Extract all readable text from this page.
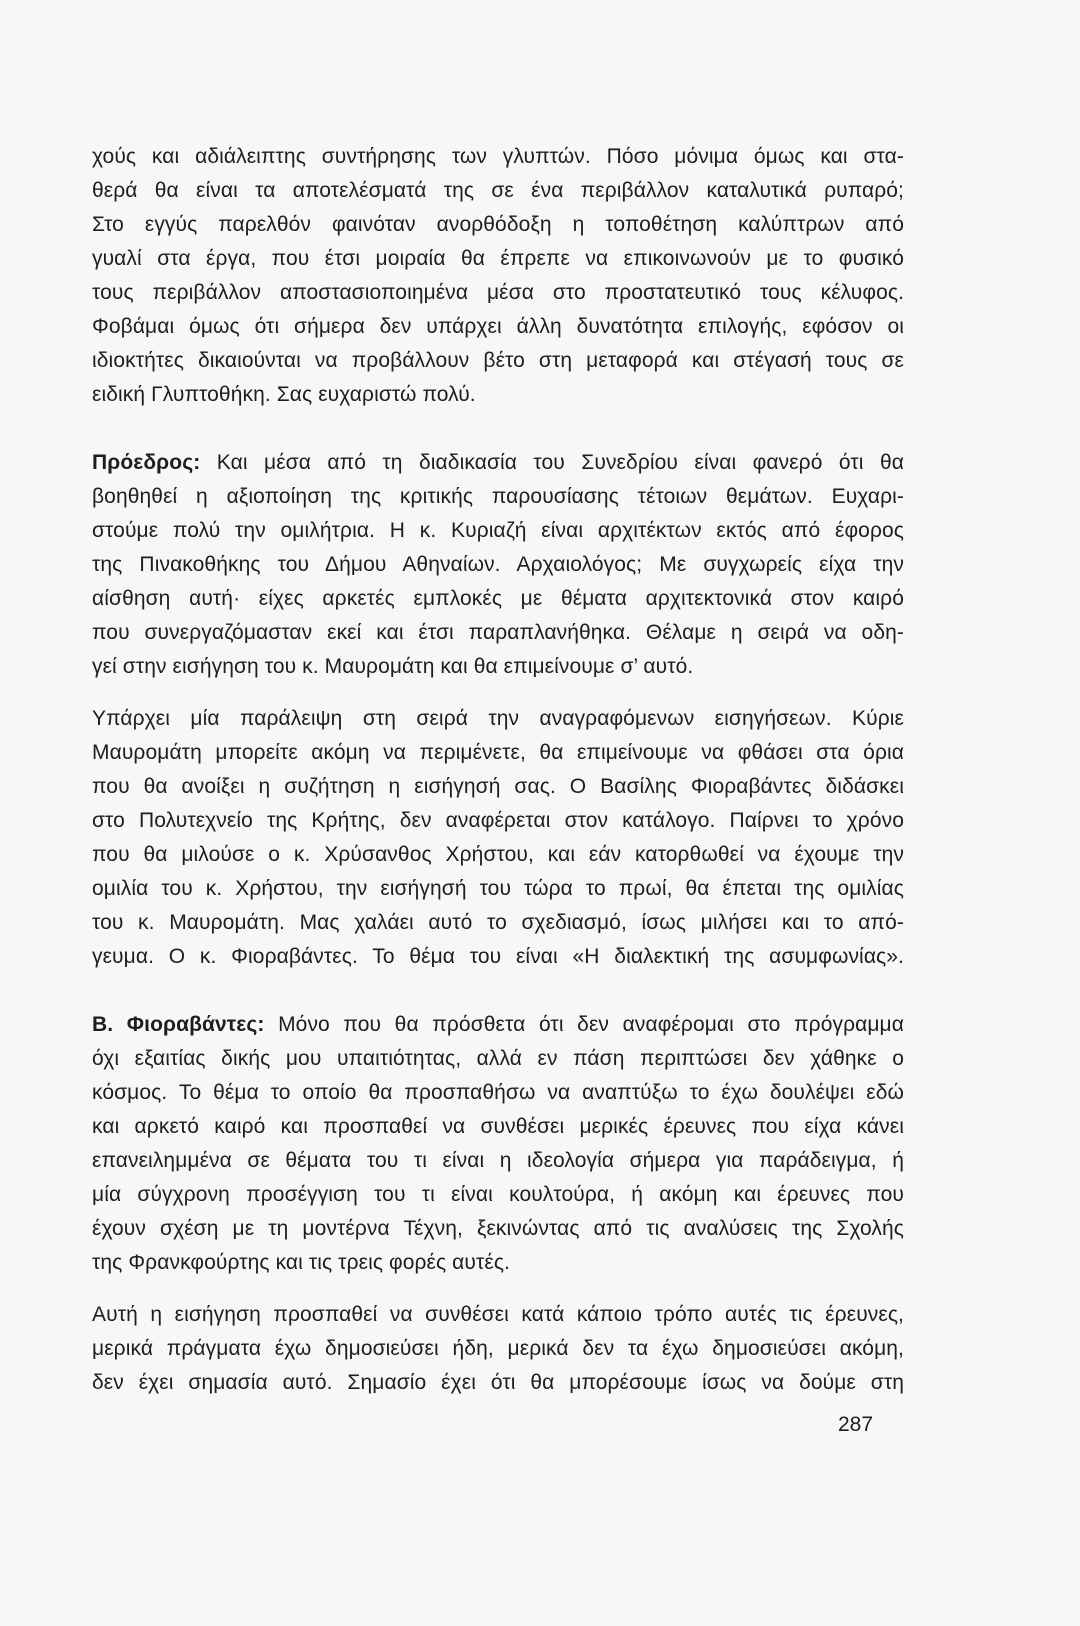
χούς και αδιάλειπτης συντήρησης των γλυπτών. Πόσο μόνιμα όμως και στα-
θερά θα είναι τα αποτελέσματά της σε ένα περιβάλλον καταλυτικά ρυπαρό;
Στο εγγύς παρελθόν φαινόταν ανορθόδοξη η τοποθέτηση καλύπτρων από
γυαλί στα έργα, που έτσι μοιραία θα έπρεπε να επικοινωνούν με το φυσικό
τους περιβάλλον αποστασιοποιημένα μέσα στο προστατευτικό τους κέλυφος.
Φοβάμαι όμως ότι σήμερα δεν υπάρχει άλλη δυνατότητα επιλογής, εφόσον οι
ιδιοκτήτες δικαιούνται να προβάλλουν βέτο στη μεταφορά και στέγασή τους σε
ειδική Γλυπτοθήκη. Σας ευχαριστώ πολύ.
Πρόεδρος: Και μέσα από τη διαδικασία του Συνεδρίου είναι φανερό ότι θα
βοηθηθεί η αξιοποίηση της κριτικής παρουσίασης τέτοιων θεμάτων. Ευχαρι-
στούμε πολύ την ομιλήτρια. Η κ. Κυριαζή είναι αρχιτέκτων εκτός από έφορος
της Πινακοθήκης του Δήμου Αθηναίων. Αρχαιολόγος; Με συγχωρείς είχα την
αίσθηση αυτή· είχες αρκετές εμπλοκές με θέματα αρχιτεκτονικά στον καιρό
που συνεργαζόμασταν εκεί και έτσι παραπλανήθηκα. Θέλαμε η σειρά να οδη-
γεί στην εισήγηση του κ. Μαυρομάτη και θα επιμείνουμε σ’ αυτό.
Υπάρχει μία παράλειψη στη σειρά την αναγραφόμενων εισηγήσεων. Κύριε
Μαυρομάτη μπορείτε ακόμη να περιμένετε, θα επιμείνουμε να φθάσει στα όρια
που θα ανοίξει η συζήτηση η εισήγησή σας. Ο Βασίλης Φιοραβάντες διδάσκει
στο Πολυτεχνείο της Κρήτης, δεν αναφέρεται στον κατάλογο. Παίρνει το χρόνο
που θα μιλούσε ο κ. Χρύσανθος Χρήστου, και εάν κατορθωθεί να έχουμε την
ομιλία του κ. Χρήστου, την εισήγησή του τώρα το πρωί, θα έπεται της ομιλίας
του κ. Μαυρομάτη. Μας χαλάει αυτό το σχεδιασμό, ίσως μιλήσει και το από-
γευμα. Ο κ. Φιοραβάντες. Το θέμα του είναι «Η διαλεκτική της ασυμφωνίας».
Β. Φιοραβάντες: Μόνο που θα πρόσθετα ότι δεν αναφέρομαι στο πρόγραμμα
όχι εξαιτίας δικής μου υπαιτιότητας, αλλά εν πάση περιπτώσει δεν χάθηκε ο
κόσμος. Το θέμα το οποίο θα προσπαθήσω να αναπτύξω το έχω δουλέψει εδώ
και αρκετό καιρό και προσπαθεί να συνθέσει μερικές έρευνες που είχα κάνει
επανειλημμένα σε θέματα του τι είναι η ιδεολογία σήμερα για παράδειγμα, ή
μία σύγχρονη προσέγγιση του τι είναι κουλτούρα, ή ακόμη και έρευνες που
έχουν σχέση με τη μοντέρνα Τέχνη, ξεκινώντας από τις αναλύσεις της Σχολής
της Φρανκφούρτης και τις τρεις φορές αυτές.
Αυτή η εισήγηση προσπαθεί να συνθέσει κατά κάποιο τρόπο αυτές τις έρευνες,
μερικά πράγματα έχω δημοσιεύσει ήδη, μερικά δεν τα έχω δημοσιεύσει ακόμη,
δεν έχει σημασία αυτό. Σημασίο έχει ότι θα μπορέσουμε ίσως να δούμε στη
287
